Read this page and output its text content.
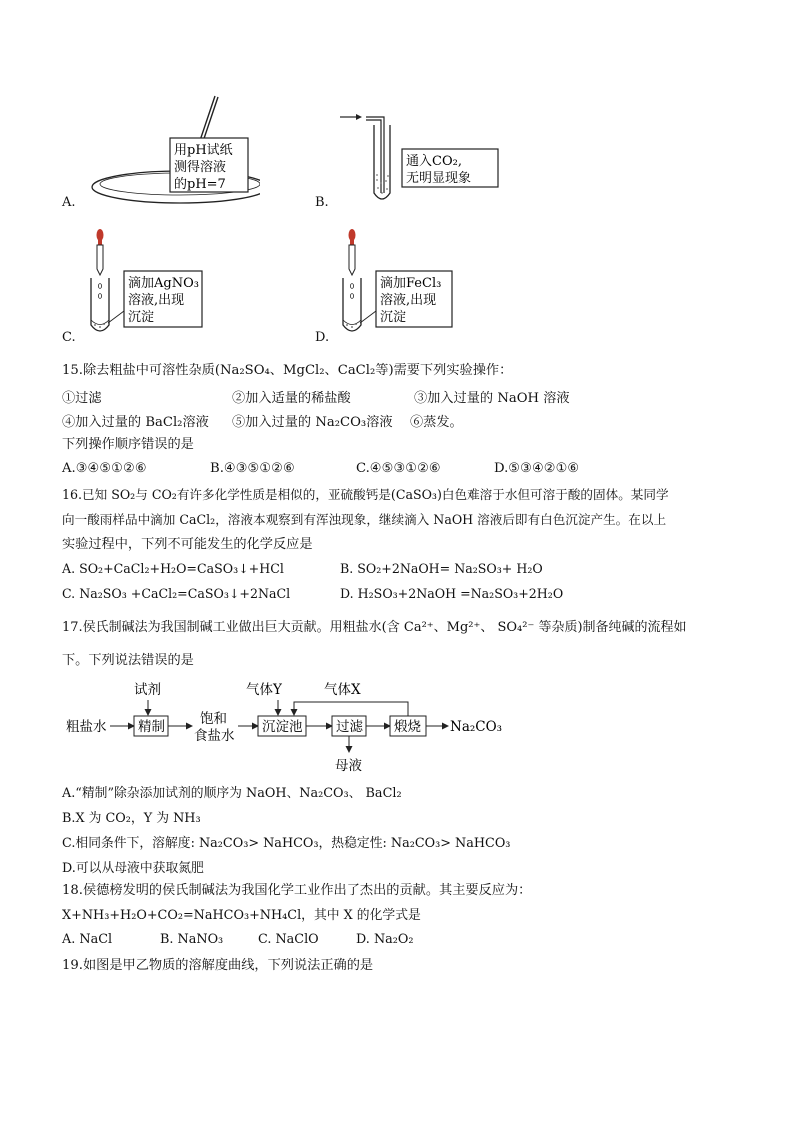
用pH试纸
测得溶液
的pH=7
A.
通入CO₂,
无明显现象
B.
滴加AgNO₃
溶液,出现
沉淀
C.
滴加FeCl₃
溶液,出现
沉淀
D.
15.除去粗盐中可溶性杂质(Na₂SO₄、MgCl₂、CaCl₂等)需要下列实验操作：
①过滤	②加入适量的稀盐酸	③加入过量的 NaOH 溶液
④加入过量的 BaCl₂溶液 ⑤加入过量的 Na₂CO₃溶液 ⑥蒸发。
下列操作顺序错误的是
A.③④⑤①②⑥	B.④③⑤①②⑥	C.④⑤③①②⑥	D.⑤③④②①⑥
16.已知 SO₂与 CO₂有许多化学性质是相似的，亚硫酸钙是(CaSO₃)白色难溶于水但可溶于酸的固体。某同学
向一酸雨样品中滴加 CaCl₂，溶液本观察到有浑浊现象，继续滴入 NaOH 溶液后即有白色沉淀产生。在以上
实验过程中，下列不可能发生的化学反应是
A. SO₂+CaCl₂+H₂O=CaSO₃↓+HCl	B. SO₂+2NaOH= Na₂SO₃+ H₂O
C. Na₂SO₃ +CaCl₂=CaSO₃↓+2NaCl	D. H₂SO₃+2NaOH =Na₂SO₃+2H₂O
17.侯氏制碱法为我国制碱工业做出巨大贡献。用粗盐水(含 Ca²⁺、Mg²⁺、 SO₄²⁻ 等杂质)制备纯碱的流程如
下。下列说法错误的是
粗盐水
试剂
精制	饱和
食盐水
气体Y
沉淀池
气体X
过滤
母液
煅烧 Na₂CO₃
A.“精制”除杂添加试剂的顺序为 NaOH、Na₂CO₃、 BaCl₂
B.X 为 CO₂，Y 为 NH₃
C.相同条件下，溶解度: Na₂CO₃> NaHCO₃，热稳定性: Na₂CO₃> NaHCO₃
D.可以从母液中获取氮肥
18.侯德榜发明的侯氏制碱法为我国化学工业作出了杰出的贡献。其主要反应为：
X+NH₃+H₂O+CO₂=NaHCO₃+NH₄Cl，其中 X 的化学式是
A. NaCl	B. NaNO₃	C. NaClO	D. Na₂O₂
19.如图是甲乙物质的溶解度曲线，下列说法正确的是
